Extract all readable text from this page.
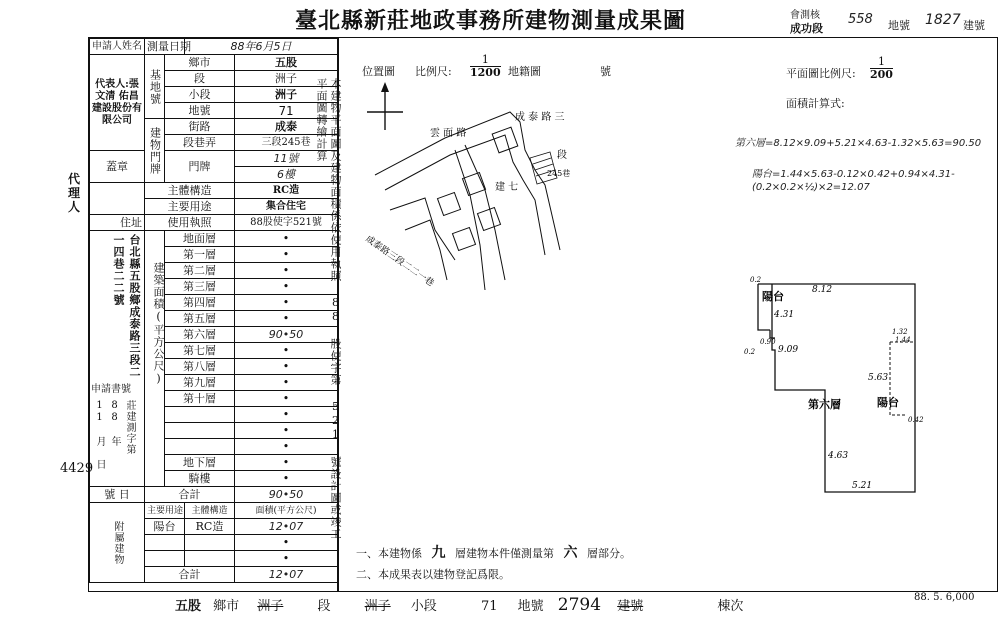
臺北縣新莊地政事務所建物測量成果圖	會測核
成功段
558 地號 1827 建號
申請人姓名	測量日期		88年6月5日	
代表人:張文清 佑昌建設股份有限公司	基地號	鄉市		五股
		段		洲子
		小段		洲子
		地號		71
	建物門牌	街路		成泰
		段巷弄		三段245巷
蓋章		門牌		11號
				6樓
	主體構造			RC造
	主要用途			集合住宅
住址	使用執照			88股使字521號
		地面層		•
		第一層		•
		第二層		•
		第三層		•
		第四層		•
		第五層		•
		第六層		90•50
		第七層		•
		第八層		•
		第九層		•
		第十層		•
				•
				•
				•
		地下層		•
		騎樓		•
號 日	合計			90•50
附屬建物	主要用途		主體構造	面積(平方公尺)
	陽台		RC造	12•07
				•
				•
	合計			12•07
代理人
台北縣五股鄉成泰路三段二一四巷二二號
申請書號
莊建測字第 88 年 11 月 日
4429
建築面積(平方公尺)	本建物平面圖及建物面積係依使用執照 88 股使字第 521 號設計圖或竣工平面圖轉繪計算
位置圖 比例尺: $\frac{1}{1200}$ 地籍圖	號
雲 面 路
成 泰 路 三
段
245巷
成泰路三段二二一巷
建 七
平面圖比例尺: $\frac{1}{200}$
面積計算式:
第六層=8.12×9.09+5.21×4.63-1.32×5.63=90.50
陽台=1.44×5.63-0.12×0.42+0.94×4.31-(0.2×0.2×½)×2=12.07
陽台
第六層	陽台
8.12
4.31
9.09
0.90
0.2
0.2
1.32
1.44
5.63
0.42
4.63
5.21
一、本建物係 九 層建物本件僅測量第 六 層部分。
二、本成果表以建物登記爲限。
五股 鄉市 洲子	段	洲子 小段	71 地號 2794 建號	棟次
88. 5. 6,000
